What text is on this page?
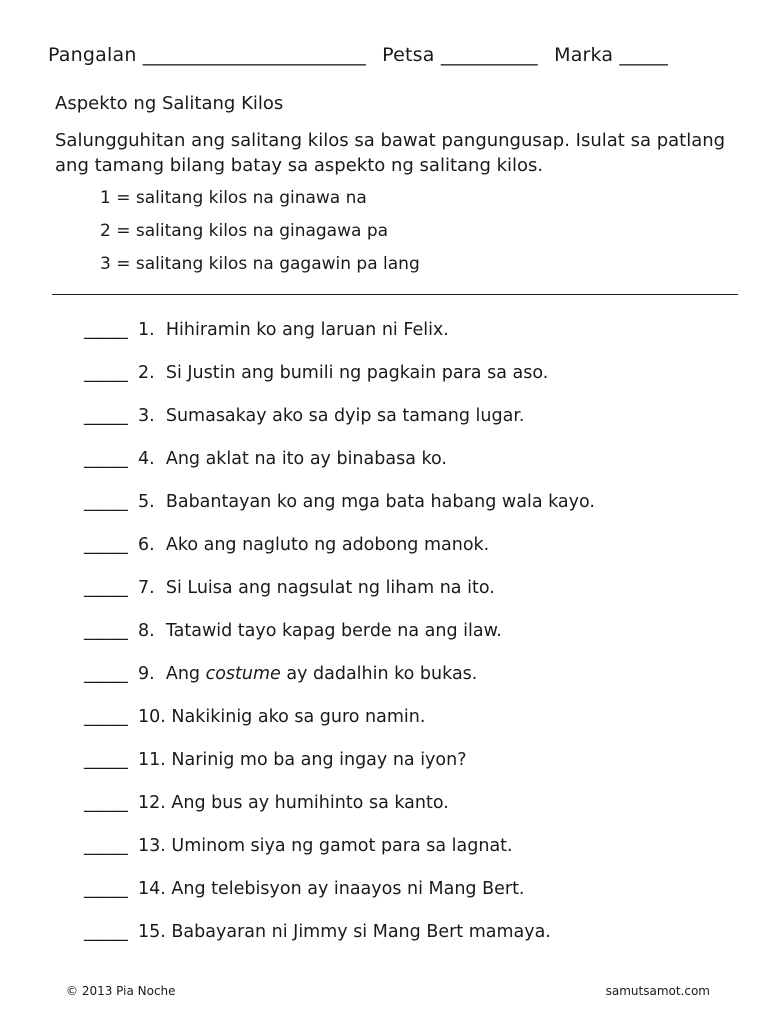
Pangalan _______________________ Petsa __________ Marka _____
Aspekto ng Salitang Kilos
Salungguhitan ang salitang kilos sa bawat pangungusap. Isulat sa patlang ang tamang bilang batay sa aspekto ng salitang kilos.
1 = salitang kilos na ginawa na
2 = salitang kilos na ginagawa pa
3 = salitang kilos na gagawin pa lang
_____ 1. Hihiramin ko ang laruan ni Felix.
_____ 2. Si Justin ang bumili ng pagkain para sa aso.
_____ 3. Sumasakay ako sa dyip sa tamang lugar.
_____ 4. Ang aklat na ito ay binabasa ko.
_____ 5. Babantayan ko ang mga bata habang wala kayo.
_____ 6. Ako ang nagluto ng adobong manok.
_____ 7. Si Luisa ang nagsulat ng liham na ito.
_____ 8. Tatawid tayo kapag berde na ang ilaw.
_____ 9. Ang costume ay dadalhin ko bukas.
_____ 10. Nakikinig ako sa guro namin.
_____ 11. Narinig mo ba ang ingay na iyon?
_____ 12. Ang bus ay humihinto sa kanto.
_____ 13. Uminom siya ng gamot para sa lagnat.
_____ 14. Ang telebisyon ay inaayos ni Mang Bert.
_____ 15. Babayaran ni Jimmy si Mang Bert mamaya.
© 2013 Pia Noche	samutsamot.com
